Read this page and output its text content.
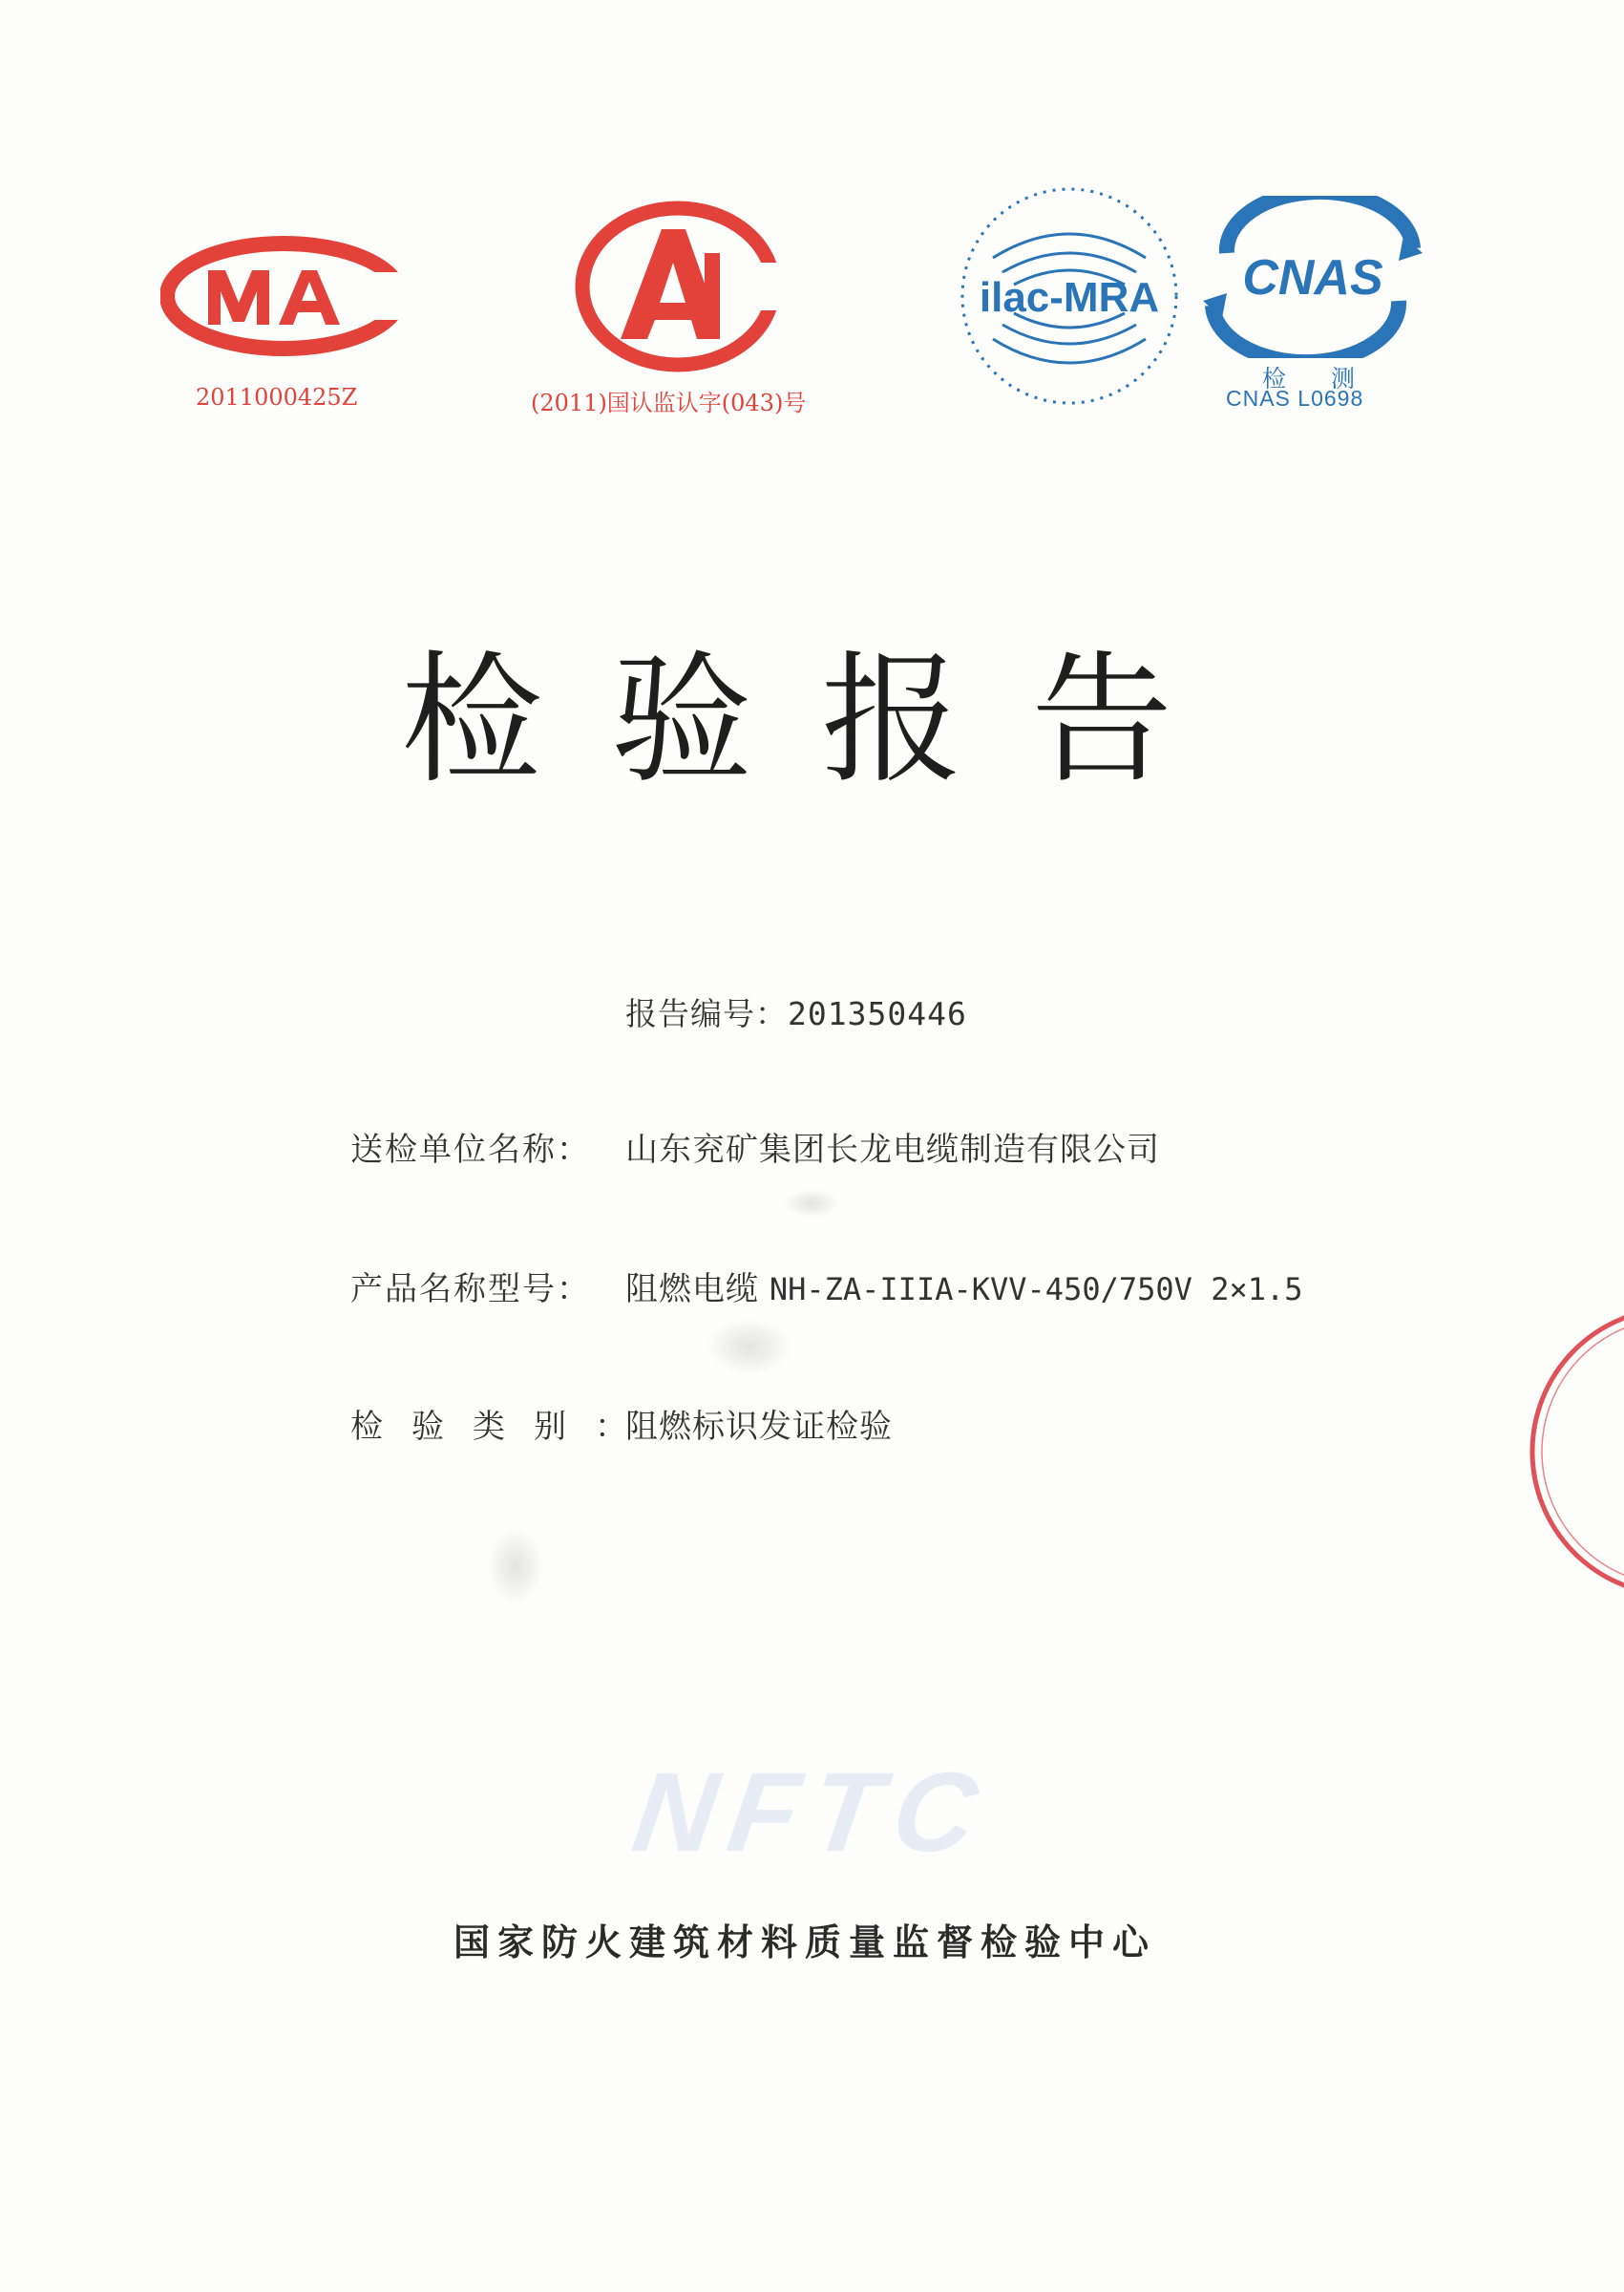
2011000425Z	(2011)国认监认字(043)号
ilac-MRA CNAS
检 测
CNAS L0698
检验报告
报告编号：201350446
送检单位名称： 山东兖矿集团长龙电缆制造有限公司
产品名称型号： 阻燃电缆 NH-ZA-IIIA-KVV-450/750V 2×1.5
检验类别：阻燃标识发证检验
NFTC
国家防火建筑材料质量监督检验中心
